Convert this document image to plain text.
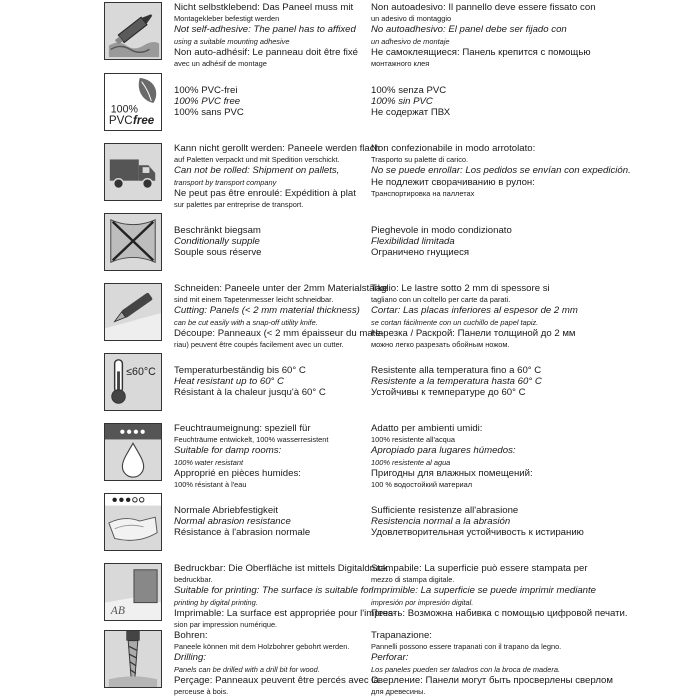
Nicht selbstklebend: Das Paneel muss mit
Montagekleber befestigt werden
Not self-adhesive: The panel has to affixed
using a suitable mounting adhesive
Non auto-adhésif: Le panneau doit être fixé
avec un adhésif de montage
Non autoadesivo: Il pannello deve essere fissato con
un adesivo di montaggio
No autoadhesivo: El panel debe ser fijado con
un adhesivo de montaje
Не самоклеящиеся: Панель крепится с помощью
монтажного клея
100%
PVC free
100% PVC-frei
100% PVC free
100% sans PVC
100% senza PVC
100% sin PVC
Не содержат ПВХ
Kann nicht gerollt werden: Paneele werden flach
auf Paletten verpackt und mit Spedition verschickt.
Can not be rolled: Shipment on pallets,
transport by transport company
Ne peut pas être enroulé: Expédition à plat
sur palettes par entreprise de transport.
Non confezionabile in modo arrotolato:
Trasporto su palette di carico.
No se puede enrollar: Los pedidos se envían con expedición.
Не подлежит сворачиванию в рулон:
Транспортировка на паллетах
Beschränkt biegsam
Conditionally supple
Souple sous réserve
Pieghevole in modo condizionato
Flexibilidad limitada
Ограничено гнущиеся
Schneiden: Paneele unter der 2mm Materialstärke
sind mit einem Tapetenmesser leicht schneidbar.
Cutting: Panels (< 2 mm material thickness)
can be cut easily with a snap-off utility knife.
Découpe: Panneaux (< 2 mm épaisseur du mate-
riau) peuvent être coupés facilement avec un cutter.
Taglio: Le lastre sotto 2 mm di spessore si
tagliano con un coltello per carte da parati.
Cortar: Las placas inferiores al espesor de 2 mm
se cortan fácilmente con un cuchillo de papel tapiz.
Нарезка / Раскрой: Панели толщиной до 2 мм
можно легко разрезать обойным ножом.
≤60°C Temperaturbeständig bis 60° C
Heat resistant up to 60° C
Résistant à la chaleur jusqu'à 60° C
Resistente alla temperatura fino a 60° C
Resistente a la temperatura hasta 60° C
Устойчивы к температуре до 60° C
Feuchtraumeignung: speziell für
Feuchträume entwickelt, 100% wasserresistent
Suitable for damp rooms:
100% water resistant
Approprié en pièces humides:
100% résistant à l'eau
Adatto per ambienti umidi:
100% resistente all'acqua
Apropiado para lugares húmedos:
100% resistente al agua
Пригодны для влажных помещений:
100 % водостойкий материал
Normale Abriebfestigkeit
Normal abrasion resistance
Résistance à l'abrasion normale
Sufficiente resistenze all'abrasione
Resistencia normal a la abrasión
Удовлетворительная устойчивость к истиранию
AB
Bedruckbar: Die Oberfläche ist mittels Digitaldruck
bedruckbar.
Suitable for printing: The surface is suitable for
printing by digital printing.
Imprimable: La surface est appropriée pour l'impres-
sion par impression numérique.
Stampabile: La superficie può essere stampata per
mezzo di stampa digitale.
Imprimible: La superficie se puede imprimir mediante
impresión por impresión digital.
Печать: Возможна набивка с помощью цифровой печати.
Bohren:
Paneele können mit dem Holzbohrer gebohrt werden.
Drilling:
Panels can be drilled with a drill bit for wood.
Perçage: Panneaux peuvent être percés avec la
perceuse à bois.
Trapanazione:
Pannelli possono essere trapanati con il trapano da legno.
Perforar:
Los paneles pueden ser taladros con la broca de madera.
Сверление: Панели могут быть просверлены сверлом
для древесины.
